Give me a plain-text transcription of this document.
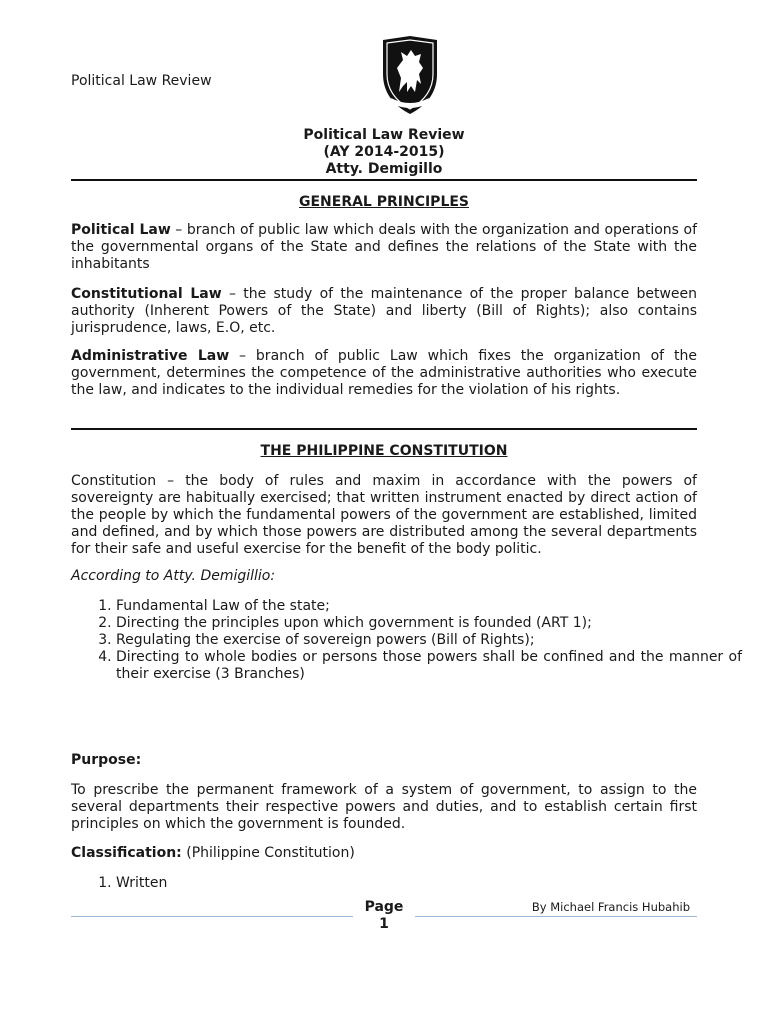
Political Law Review
Political Law Review
(AY 2014-2015)
Atty. Demigillo
GENERAL PRINCIPLES
Political Law – branch of public law which deals with the organization and operations of the governmental organs of the State and defines the relations of the State with the inhabitants
Constitutional Law – the study of the maintenance of the proper balance between authority (Inherent Powers of the State) and liberty (Bill of Rights); also contains jurisprudence, laws, E.O, etc.
Administrative Law – branch of public Law which fixes the organization of the government, determines the competence of the administrative authorities who execute the law, and indicates to the individual remedies for the violation of his rights.
THE PHILIPPINE CONSTITUTION
Constitution – the body of rules and maxim in accordance with the powers of sovereignty are habitually exercised; that written instrument enacted by direct action of the people by which the fundamental powers of the government are established, limited and defined, and by which those powers are distributed among the several departments for their safe and useful exercise for the benefit of the body politic.
According to Atty. Demigillio:
1. Fundamental Law of the state;
2. Directing the principles upon which government is founded (ART 1);
3. Regulating the exercise of sovereign powers (Bill of Rights);
4. Directing to whole bodies or persons those powers shall be confined and the manner of their exercise (3 Branches)
Purpose:
To prescribe the permanent framework of a system of government, to assign to the several departments their respective powers and duties, and to establish certain first principles on which the government is founded.
Classification: (Philippine Constitution)
1. Written
Page
1
By Michael Francis Hubahib
